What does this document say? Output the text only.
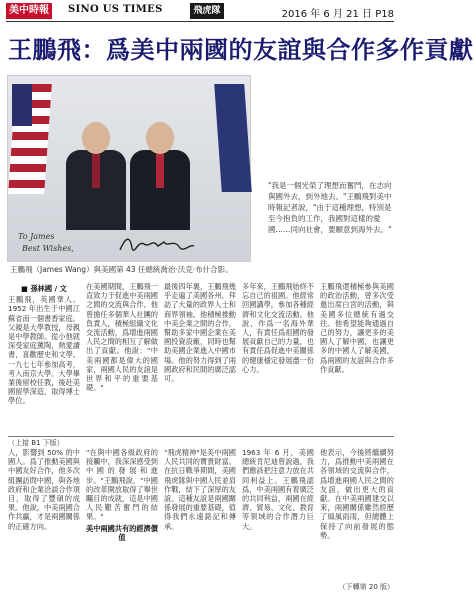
美中時報	SINO US TIMES	飛虎隊	2016 年 6 月 21 日 P18
王鵬飛：爲美中兩國的友誼與合作多作貢獻
To James
Best Wishes,
王鵬飛（James Wang）與美國第 43 任總統喬治·沃克·布什合影。
"我是一個光榮了理想而奮鬥，在志向與國外去，到外地去。"王鵬飛對美中時報記者說，"由于這種理想，特別是至今抱負的工作，我國對這樣的愛國……同向社會，要願意到海外去。"
■ 孫林國 / 文
王鵬飛，英國華人。1952 年出生于中國江蘇省南一個書香家庭。父親是大學教授，母親是中學教師。從小他就深受家庭薰陶，熱愛讀書，喜歡歷史和文學。一九七七年參加高考，考入南京大學。大學畢業後留校任教，後赴美國留學深造，取得博士學位。
在美國期間，王鵬飛一直致力于促進中美兩國之間的交流與合作。他曾擔任多個華人社團的負責人，積極組織文化交流活動，爲增進兩國人民之間的相互了解做出了貢獻。他說："中美兩國都是偉大的國家，兩國人民的友誼是世界和平的重要基礎。"
最後四年裏，王鵬飛幾乎走遍了美國各州，拜訪了大量的政界人士和商界領袖。他積極推動中美企業之間的合作，幫助多家中國企業在美國投資設廠，同時也幫助美國企業進入中國市場。他的努力得到了兩國政府和民間的廣泛認可。
多年來，王鵬飛始終不忘自己的祖國。他經常回國講學，參加各種經濟和文化交流活動。他說，作爲一名海外華人，有責任爲祖國的發展貢獻自己的力量，也有責任爲促進中美關係的健康穩定發展盡一份心力。
王鵬飛還積極參與美國的政治活動，曾多次受邀出席白宮的活動，與美國多位總統有過交往。他希望能夠通過自己的努力，讓更多的美國人了解中國，也讓更多的中國人了解美國，爲兩國的友誼與合作多作貢獻。
（上接 B1 下版）
人，影響到 50% 的中國人。爲了推動美國與中國友好合作，他多次組團訪問中國，與各地政府和企業洽談合作項目，取得了豐碩的成果。他說，中美兩國合作共贏，才是兩國關係的正確方向。
"在與中國各級政府的接觸中，我深深感受到中國的發展和進步。"王鵬飛說，"中國的改革開放取得了舉世矚目的成就，這是中國人民艱苦奮鬥的結果。"
美中兩國共有的經濟價值
"飛虎精神"是美中兩國人民共同的寶貴財富。在抗日戰爭期間，美國飛虎隊與中國人民並肩作戰，結下了深厚的友誼。這種友誼是兩國關係發展的重要基礎，值得我們永遠銘記和傳承。
1963 年 6 月，美國總統肯尼迪曾說過，我們應該把注意力放在共同利益上。王鵬飛認爲，中美兩國有着廣泛的共同利益，兩國在經濟、貿易、文化、教育等領域的合作潛力巨大。
他表示，今後將繼續努力，爲推動中美兩國在各領域的交流與合作，爲增進兩國人民之間的友誼，做出更大的貢獻。在中美兩國建交以來，兩國關係雖然經歷了風風雨雨，但總體上保持了向前發展的態勢。
（下轉第 20 版）
